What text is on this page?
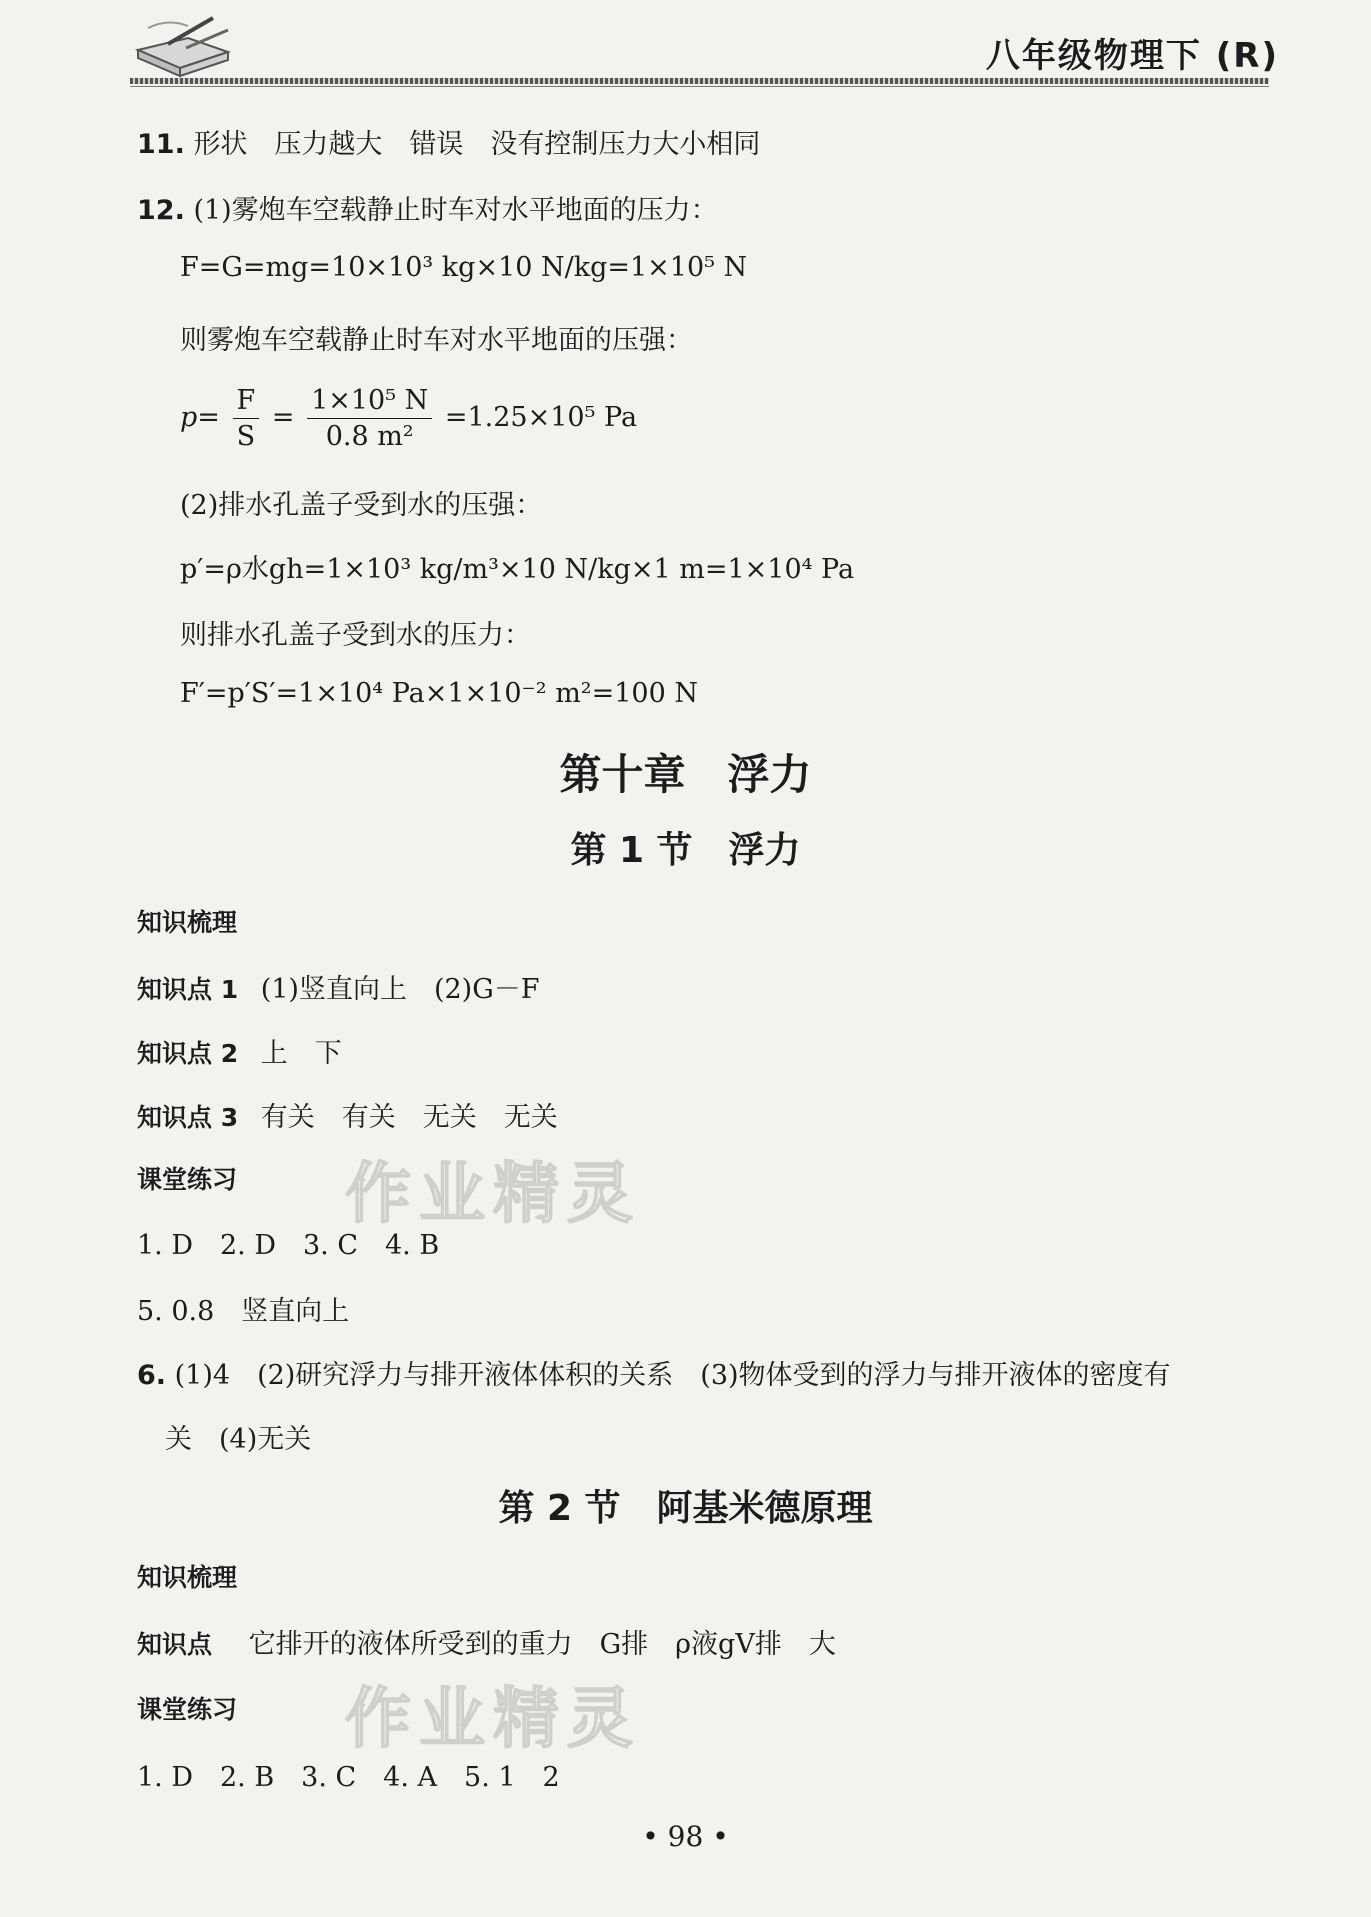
八年级物理下 (R)
11. 形状　压力越大　错误　没有控制压力大小相同
12. (1)雾炮车空载静止时车对水平地面的压力：
F=G=mg=10×10³ kg×10 N/kg=1×10⁵ N
则雾炮车空载静止时车对水平地面的压强：
$p= \frac{F}{S} = \frac{\text{1×10⁵ N}}{\text{0.8 m²}} =1.25\times 10^5$ Pa
(2)排水孔盖子受到水的压强：
p′=ρ水gh=1×10³ kg/m³×10 N/kg×1 m=1×10⁴ Pa
则排水孔盖子受到水的压力：
F′=p′S′=1×10⁴ Pa×1×10⁻² m²=100 N
第十章　浮力
第 1 节　浮力
知识梳理
知识点 1 (1)竖直向上　(2)G－F
知识点 2 上　下
知识点 3 有关　有关　无关　无关
课堂练习
1. D　2. D　3. C　4. B
5. 0.8　竖直向上
6. (1)4　(2)研究浮力与排开液体体积的关系　(3)物体受到的浮力与排开液体的密度有
关　(4)无关
作业精灵
第 2 节　阿基米德原理
知识梳理
知识点 它排开的液体所受到的重力　G排　ρ液gV排　大
课堂练习
1. D　2. B　3. C　4. A　5. 1　2
作业精灵
• 98 •
